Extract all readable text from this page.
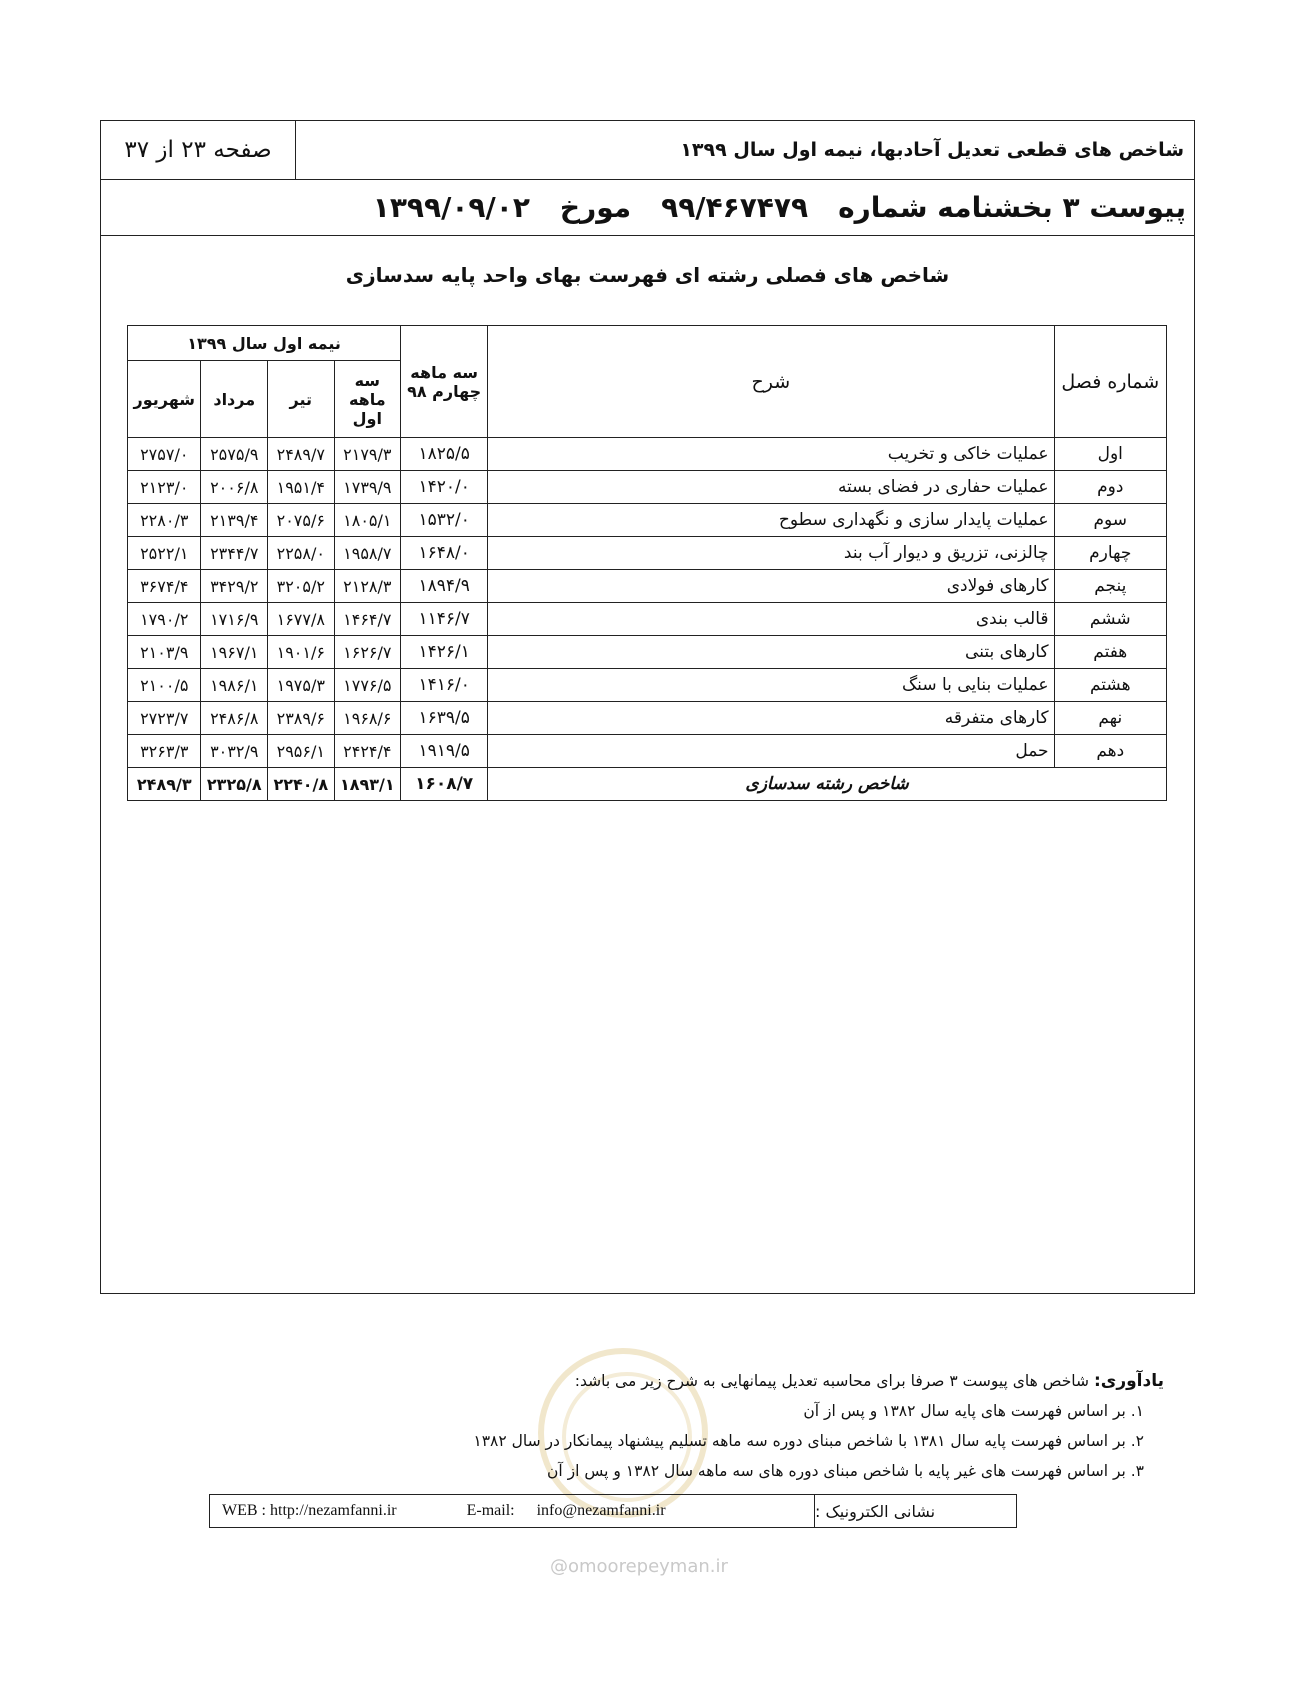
صفحه ۲۳ از ۳۷	شاخص های قطعی تعدیل آحادبها، نیمه اول سال ۱۳۹۹
پیوست ۳ بخشنامه شماره
۹۹/۴۶۷۴۷۹
مورخ
۱۳۹۹/۰۹/۰۲
شاخص های فصلی رشته ای فهرست بهای واحد پایه سدسازی
شماره فصل	شرح	سه ماهه چهارم ۹۸	نیمه اول سال ۱۳۹۹			
			سه ماهه اول	تیر	مرداد	شهریور
اول	عملیات خاکی و تخریب	۱۸۲۵/۵	۲۱۷۹/۳	۲۴۸۹/۷	۲۵۷۵/۹	۲۷۵۷/۰
دوم	عملیات حفاری در فضای بسته	۱۴۲۰/۰	۱۷۳۹/۹	۱۹۵۱/۴	۲۰۰۶/۸	۲۱۲۳/۰
سوم	عملیات پایدار سازی و نگهداری سطوح	۱۵۳۲/۰	۱۸۰۵/۱	۲۰۷۵/۶	۲۱۳۹/۴	۲۲۸۰/۳
چهارم	چالزنی، تزریق و دیوار آب بند	۱۶۴۸/۰	۱۹۵۸/۷	۲۲۵۸/۰	۲۳۴۴/۷	۲۵۲۲/۱
پنجم	کارهای فولادی	۱۸۹۴/۹	۲۱۲۸/۳	۳۲۰۵/۲	۳۴۲۹/۲	۳۶۷۴/۴
ششم	قالب بندی	۱۱۴۶/۷	۱۴۶۴/۷	۱۶۷۷/۸	۱۷۱۶/۹	۱۷۹۰/۲
هفتم	کارهای بتنی	۱۴۲۶/۱	۱۶۲۶/۷	۱۹۰۱/۶	۱۹۶۷/۱	۲۱۰۳/۹
هشتم	عملیات بنایی با سنگ	۱۴۱۶/۰	۱۷۷۶/۵	۱۹۷۵/۳	۱۹۸۶/۱	۲۱۰۰/۵
نهم	کارهای متفرقه	۱۶۳۹/۵	۱۹۶۸/۶	۲۳۸۹/۶	۲۴۸۶/۸	۲۷۲۳/۷
دهم	حمل	۱۹۱۹/۵	۲۴۲۴/۴	۲۹۵۶/۱	۳۰۳۲/۹	۳۲۶۳/۳
شاخص رشته سدسازی		۱۶۰۸/۷	۱۸۹۳/۱	۲۲۴۰/۸	۲۳۲۵/۸	۲۴۸۹/۳
یادآوری: شاخص های پیوست ۳ صرفا برای محاسبه تعدیل پیمانهایی به شرح زیر می باشد:
۱. بر اساس فهرست های پایه سال ۱۳۸۲ و پس از آن
۲. بر اساس فهرست پایه سال ۱۳۸۱ با شاخص مبنای دوره سه ماهه تسلیم پیشنهاد پیمانکار در سال ۱۳۸۲
۳. بر اساس فهرست های غیر پایه با شاخص مبنای دوره های سه ماهه سال ۱۳۸۲ و پس از آن
WEB : http://nezamfanni.ir	E-mail: info@nezamfanni.ir	نشانی الکترونیک :
@omoorepeyman.ir
